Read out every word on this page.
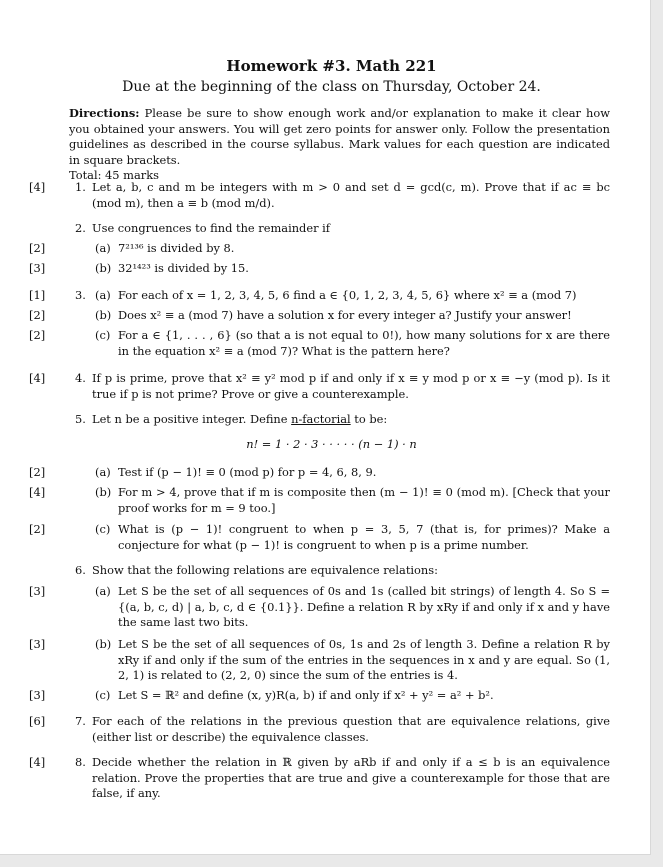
Homework #3. Math 221
Due at the beginning of the class on Thursday, October 24.
Directions: Please be sure to show enough work and/or explanation to make it clear how you obtained your answers. You will get zero points for answer only. Follow the presentation guidelines as described in the course syllabus. Mark values for each question are indicated in square brackets.
Total: 45 marks
[4]	1. Let a, b, c and m be integers with m > 0 and set d = gcd(c, m). Prove that if ac ≡ bc (mod m), then a ≡ b (mod m/d).
2. Use congruences to find the remainder if
[2]	(a) 7²¹³⁶ is divided by 8.
[3]	(b) 32¹⁴²³ is divided by 15.
[1]	3. (a) For each of x = 1, 2, 3, 4, 5, 6 find a ∈ {0, 1, 2, 3, 4, 5, 6} where x² ≡ a (mod 7)
[2]	(b) Does x² ≡ a (mod 7) have a solution x for every integer a? Justify your answer!
[2]	(c) For a ∈ {1, . . . , 6} (so that a is not equal to 0!), how many solutions for x are there in the equation x² ≡ a (mod 7)? What is the pattern here?
[4]	4. If p is prime, prove that x² ≡ y² mod p if and only if x ≡ y mod p or x ≡ −y (mod p). Is it true if p is not prime? Prove or give a counterexample.
5. Let n be a positive integer. Define n-factorial to be:
n! = 1 · 2 · 3 · · · · · (n − 1) · n
[2]	(a) Test if (p − 1)! ≡ 0 (mod p) for p = 4, 6, 8, 9.
[4]	(b) For m > 4, prove that if m is composite then (m − 1)! ≡ 0 (mod m). [Check that your proof works for m = 9 too.]
[2]	(c) What is (p − 1)! congruent to when p = 3, 5, 7 (that is, for primes)? Make a conjecture for what (p − 1)! is congruent to when p is a prime number.
6. Show that the following relations are equivalence relations:
[3]	(a) Let S be the set of all sequences of 0s and 1s (called bit strings) of length 4. So S = {(a, b, c, d) | a, b, c, d ∈ {0.1}}. Define a relation R by xRy if and only if x and y have the same last two bits.
[3]	(b) Let S be the set of all sequences of 0s, 1s and 2s of length 3. Define a relation R by xRy if and only if the sum of the entries in the sequences in x and y are equal. So (1, 2, 1) is related to (2, 2, 0) since the sum of the entries is 4.
[3]	(c) Let S = ℝ² and define (x, y)R(a, b) if and only if x² + y² = a² + b².
[6]	7. For each of the relations in the previous question that are equivalence relations, give (either list or describe) the equivalence classes.
[4]	8. Decide whether the relation in ℝ given by aRb if and only if a ≤ b is an equivalence relation. Prove the properties that are true and give a counterexample for those that are false, if any.
